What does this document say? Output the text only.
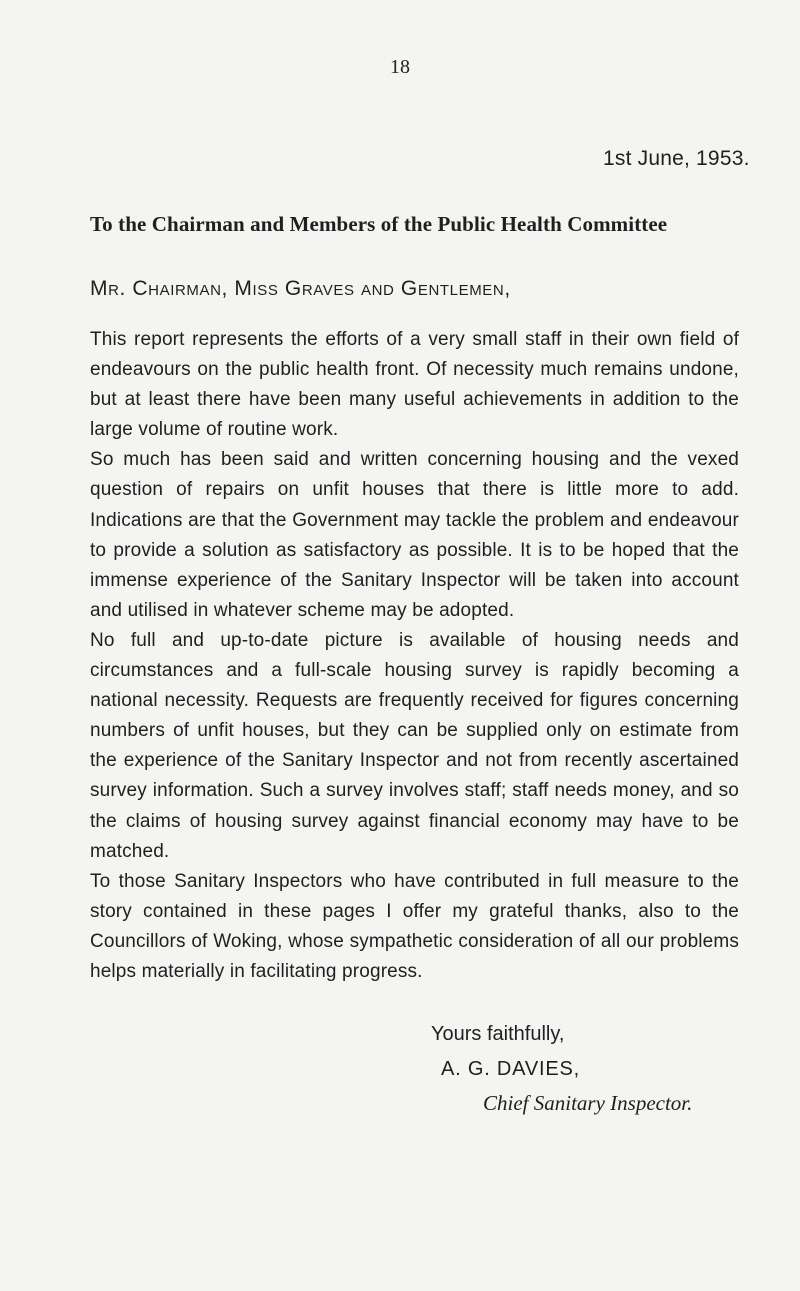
18
1st June, 1953.
To the Chairman and Members of the Public Health Committee
Mr. Chairman, Miss Graves and Gentlemen,

This report represents the efforts of a very small staff in their own field of endeavours on the public health front. Of necessity much remains undone, but at least there have been many useful achievements in addition to the large volume of routine work.

So much has been said and written concerning housing and the vexed question of repairs on unfit houses that there is little more to add. Indications are that the Government may tackle the problem and endeavour to provide a solution as satisfactory as possible. It is to be hoped that the immense experience of the Sanitary Inspector will be taken into account and utilised in whatever scheme may be adopted.

No full and up-to-date picture is available of housing needs and circumstances and a full-scale housing survey is rapidly becoming a national necessity. Requests are frequently received for figures concerning numbers of unfit houses, but they can be supplied only on estimate from the experience of the Sanitary Inspector and not from recently ascertained survey information. Such a survey involves staff; staff needs money, and so the claims of housing survey against financial economy may have to be matched.

To those Sanitary Inspectors who have contributed in full measure to the story contained in these pages I offer my grateful thanks, also to the Councillors of Woking, whose sympathetic consideration of all our problems helps materially in facilitating progress.

Yours faithfully,
A. G. DAVIES,
Chief Sanitary Inspector.
